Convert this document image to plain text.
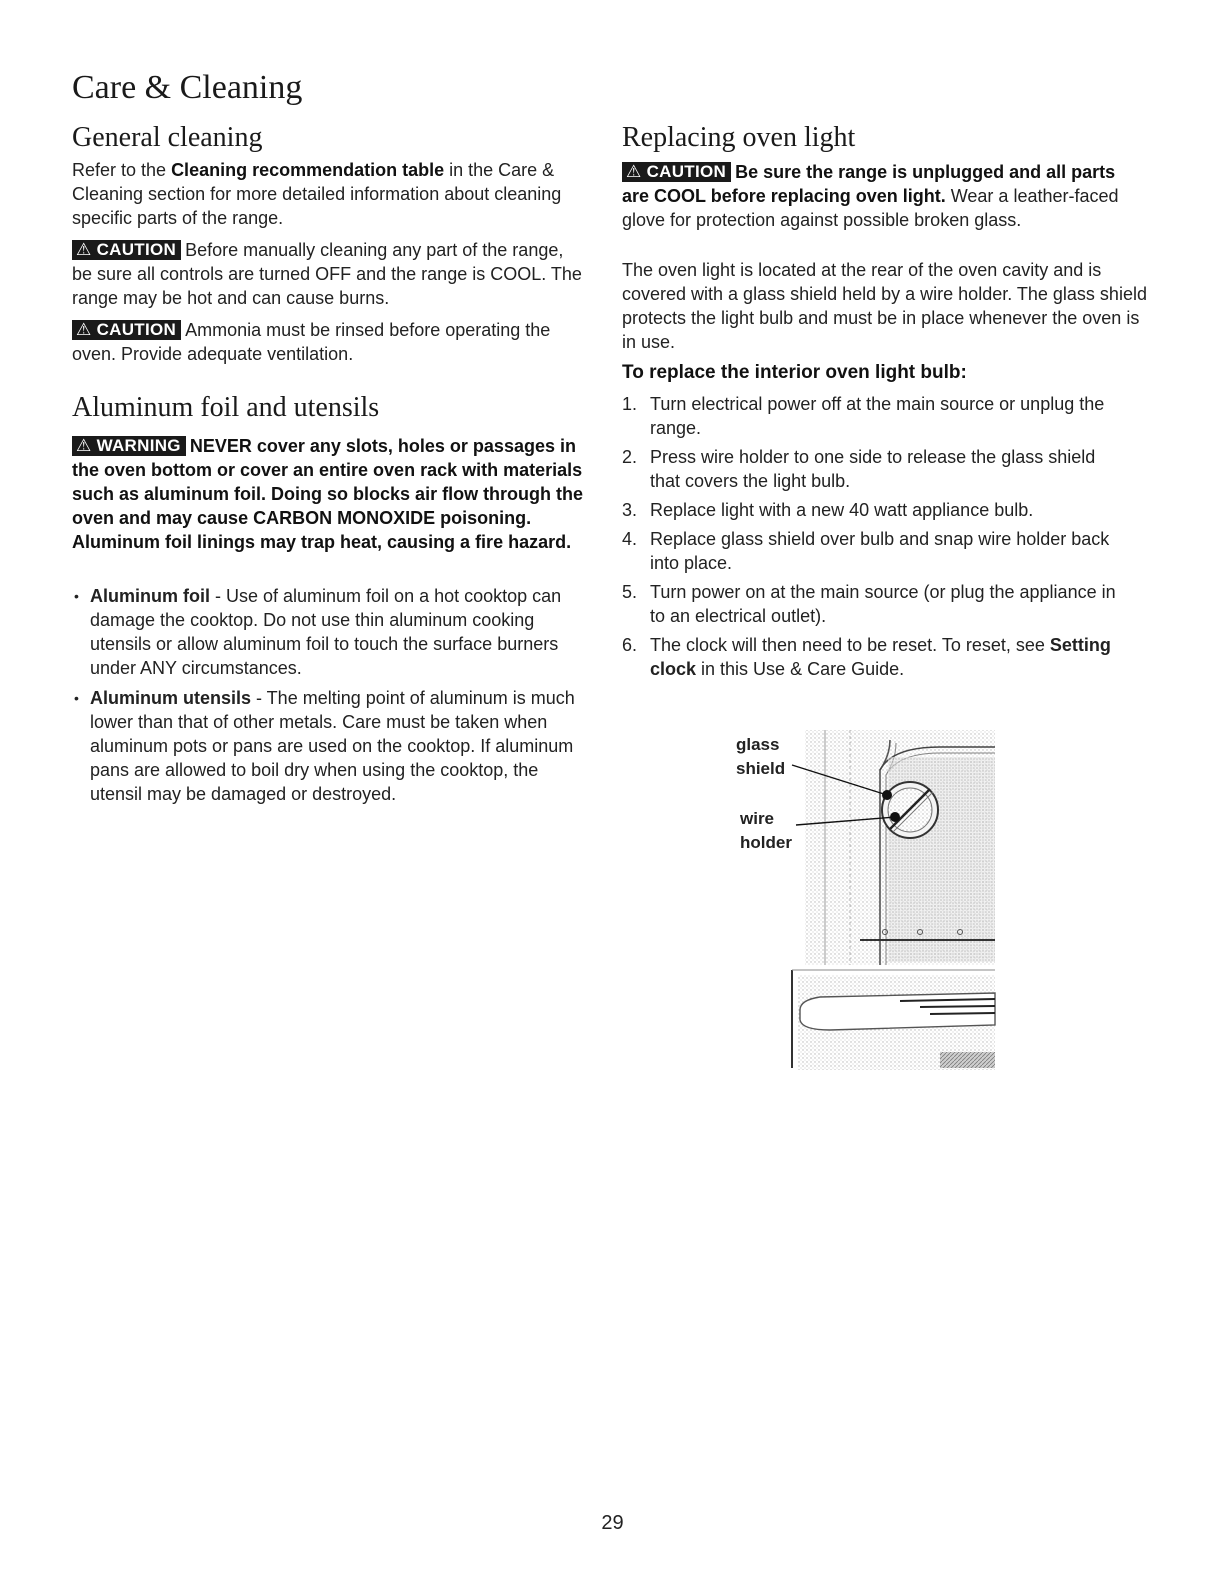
Care & Cleaning
General cleaning

Refer to the Cleaning recommendation table in the Care & Cleaning section for more detailed information about cleaning specific parts of the range.

⚠ CAUTION Before manually cleaning any part of the range, be sure all controls are turned OFF and the range is COOL. The range may be hot and can cause burns.

⚠ CAUTION Ammonia must be rinsed before operating the oven. Provide adequate ventilation.

Aluminum foil and utensils

⚠ WARNING NEVER cover any slots, holes or passages in the oven bottom or cover an entire oven rack with materials such as aluminum foil. Doing so blocks air flow through the oven and may cause CARBON MONOXIDE poisoning. Aluminum foil linings may trap heat, causing a fire hazard.

• Aluminum foil - Use of aluminum foil on a hot cooktop can damage the cooktop. Do not use thin aluminum cooking utensils or allow aluminum foil to touch the surface burners under ANY circumstances.
• Aluminum utensils - The melting point of aluminum is much lower than that of other metals. Care must be taken when aluminum pots or pans are used on the cooktop. If aluminum pans are allowed to boil dry when using the cooktop, the utensil may be damaged or destroyed.
Replacing oven light

⚠ CAUTION Be sure the range is unplugged and all parts are COOL before replacing oven light. Wear a leather-faced glove for protection against possible broken glass.

The oven light is located at the rear of the oven cavity and is covered with a glass shield held by a wire holder. The glass shield protects the light bulb and must be in place whenever the oven is in use.

To replace the interior oven light bulb:

1. Turn electrical power off at the main source or unplug the range.
2. Press wire holder to one side to release the glass shield that covers the light bulb.
3. Replace light with a new 40 watt appliance bulb.
4. Replace glass shield over bulb and snap wire holder back into place.
5. Turn power on at the main source (or plug the appliance in to an electrical outlet).
6. The clock will then need to be reset. To reset, see Setting clock in this Use & Care Guide.
glass
shield
wire
holder
29
